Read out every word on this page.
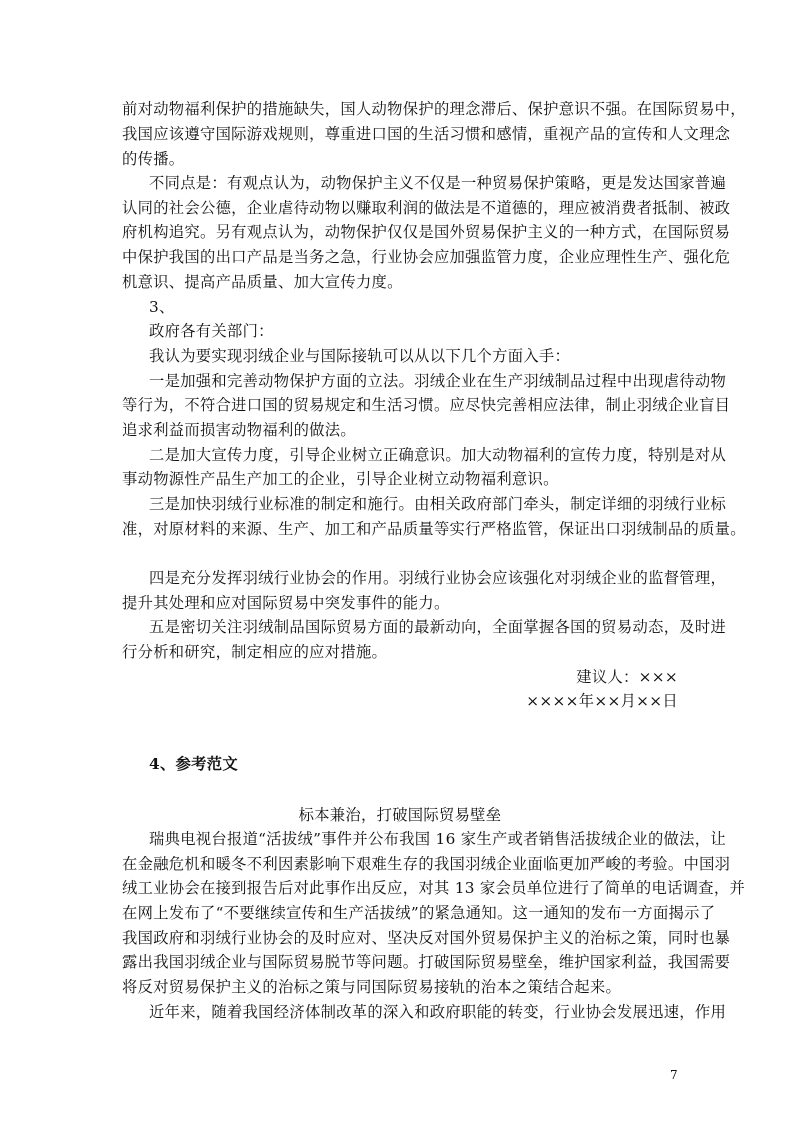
前对动物福利保护的措施缺失，国人动物保护的理念滞后、保护意识不强。在国际贸易中，

我国应该遵守国际游戏规则，尊重进口国的生活习惯和感情，重视产品的宣传和人文理念

的传播。

不同点是：有观点认为，动物保护主义不仅是一种贸易保护策略，更是发达国家普遍

认同的社会公德，企业虐待动物以赚取利润的做法是不道德的，理应被消费者抵制、被政

府机构追究。另有观点认为，动物保护仅仅是国外贸易保护主义的一种方式，在国际贸易

中保护我国的出口产品是当务之急，行业协会应加强监管力度，企业应理性生产、强化危

机意识、提高产品质量、加大宣传力度。

3、

政府各有关部门：

我认为要实现羽绒企业与国际接轨可以从以下几个方面入手：

一是加强和完善动物保护方面的立法。羽绒企业在生产羽绒制品过程中出现虐待动物

等行为，不符合进口国的贸易规定和生活习惯。应尽快完善相应法律，制止羽绒企业盲目

追求利益而损害动物福利的做法。

二是加大宣传力度，引导企业树立正确意识。加大动物福利的宣传力度，特别是对从

事动物源性产品生产加工的企业，引导企业树立动物福利意识。

三是加快羽绒行业标准的制定和施行。由相关政府部门牵头，制定详细的羽绒行业标

准，对原材料的来源、生产、加工和产品质量等实行严格监管，保证出口羽绒制品的质量。

四是充分发挥羽绒行业协会的作用。羽绒行业协会应该强化对羽绒企业的监督管理，

提升其处理和应对国际贸易中突发事件的能力。

五是密切关注羽绒制品国际贸易方面的最新动向，全面掌握各国的贸易动态，及时进

行分析和研究，制定相应的应对措施。

建议人：×××

××××年××月××日

4、参考范文

标本兼治，打破国际贸易壁垒

瑞典电视台报道“活拔绒”事件并公布我国 16 家生产或者销售活拔绒企业的做法，让

在金融危机和暖冬不利因素影响下艰难生存的我国羽绒企业面临更加严峻的考验。中国羽

绒工业协会在接到报告后对此事作出反应，对其 13 家会员单位进行了简单的电话调查，并

在网上发布了“不要继续宣传和生产活拔绒”的紧急通知。这一通知的发布一方面揭示了

我国政府和羽绒行业协会的及时应对、坚决反对国外贸易保护主义的治标之策，同时也暴

露出我国羽绒企业与国际贸易脱节等问题。打破国际贸易壁垒，维护国家利益，我国需要

将反对贸易保护主义的治标之策与同国际贸易接轨的治本之策结合起来。

近年来，随着我国经济体制改革的深入和政府职能的转变，行业协会发展迅速，作用

7
